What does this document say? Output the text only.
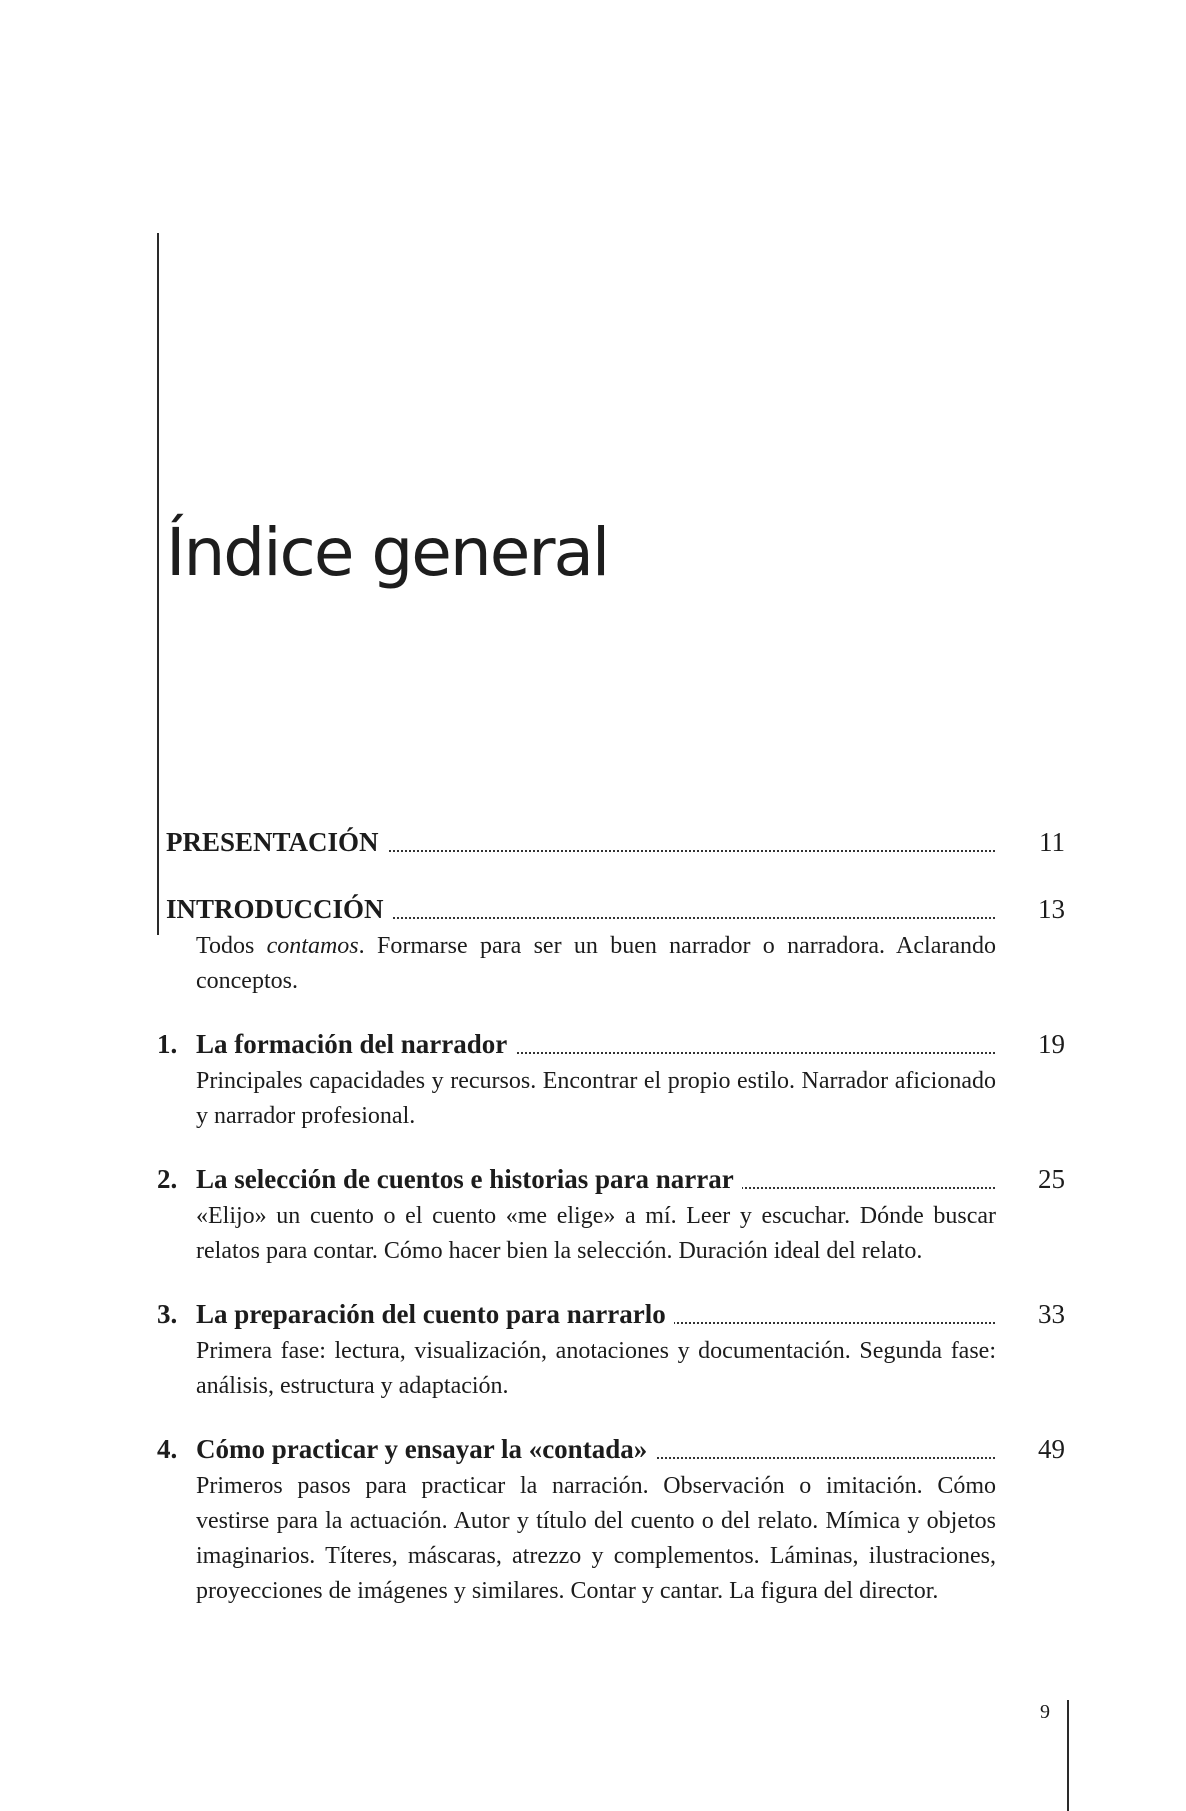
Índice general
PRESENTACIÓN	11
INTRODUCCIÓN	13

Todos contamos. Formarse para ser un buen narrador o narradora. Aclarando conceptos.

1. La formación del narrador	19

Principales capacidades y recursos. Encontrar el propio estilo. Narrador aficionado y narrador profesional.

2. La selección de cuentos e historias para narrar	25

«Elijo» un cuento o el cuento «me elige» a mí. Leer y escuchar. Dónde buscar relatos para contar. Cómo hacer bien la selección. Duración ideal del relato.

3. La preparación del cuento para narrarlo	33

Primera fase: lectura, visualización, anotaciones y documentación. Segunda fase: análisis, estructura y adaptación.

4. Cómo practicar y ensayar la «contada»	49

Primeros pasos para practicar la narración. Observación o imitación. Cómo vestirse para la actuación. Autor y título del cuento o del relato. Mímica y objetos imaginarios. Títeres, máscaras, atrezzo y complementos. Láminas, ilustraciones, proyecciones de imágenes y similares. Contar y cantar. La figura del director.

9
